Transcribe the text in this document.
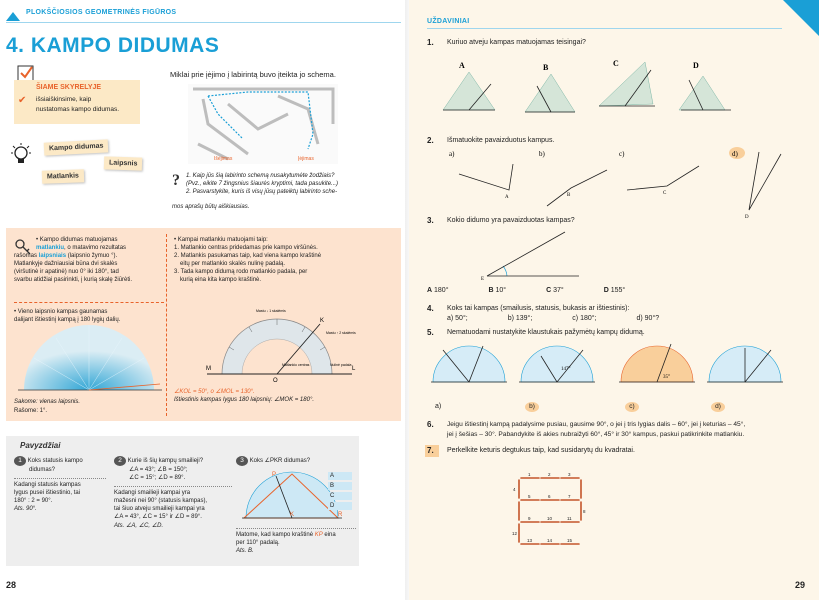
PLOKŠČIOSIOS GEOMETRINĖS FIGŪROS
4. KAMPO DIDUMAS
ŠIAME SKYRELYJE
✔ išsiaiškinsime, kaip
nustatomas kampo didumas.
Kampo didumas
Laipsnis
Matlankis
Miklai prie įėjimo į labirintą buvo įteikta jo schema.
Išėjimas	Įėjimas
? 1. Kaip jūs šią labirinto schemą nusakytumėte žodžiais?
(Pvz., eikite 7 žingsnius šiaurės kryptimi, tada pasukite...)
2. Pasvarstykite, kuris iš visų jūsų pateiktų labirinto sche-
mos aprašų būtų aiškiausias.
• Kampo didumas matuojamas
matlankiu, o matavimo rezultatas
rašomas laipsniais (laipsnio žymuo °).
Matlankyje dažniausiai būna dvi skalės
(viršutinė ir apatinė) nuo 0° iki 180°, tad
svarbu atidžiai pasirinkti, į kurią skalę žiūrėti.
• Vieno laipsnio kampas gaunamas
dalijant ištiestinį kampą į 180 lygių dalių.
Sakome: vienas laipsnis.
Rašome: 1°.
• Kampai matlankiu matuojami taip:
1. Matlankio centras pridedamas prie kampo viršūnės.
2. Matlankis pasukamas taip, kad viena kampo kraštinė
eitų per matlankio skalės nulinę padalą.
3. Tada kampo didumą rodo matlankio padala, per
kurią eina kita kampo kraštinė.
M
O
L
K
Mastu ↓ 1 skalėmis
Mastu ↑ 2 skalėmis
Matlankio centras	Nulinė padala
∠KOL = 50°, o ∠MOL = 130°.
Ištiestinis kampas lygus 180 laipsnių: ∠MOK = 180°.
Pavyzdžiai
1 Koks statusis kampo
didumas?
Kadangi statusis kampas
lygus pusei ištiestinio, tai
180° : 2 = 90°.
Ats. 90°.
2 Kurie iš šių kampų smailieji?
∠A = 43°; ∠B = 150°;
∠C = 15°; ∠D = 89°.
Kadangi smailieji kampai yra
mažesni nei 90° (statusis kampas),
tai šiuo atveju smailieji kampai yra
∠A = 43°, ∠C = 15° ir ∠D = 89°.
Ats. ∠A, ∠C, ∠D.
3 Koks ∠PKR didumas?
P
R
K
A
B
C
D
Matome, kad kampo kraštinė KP eina
per 110° padalą.
Ats. B.
28
UŽDAVINIAI
1. Kuriuo atveju kampas matuojamas teisingai?
A	B	C	D
2. Išmatuokite pavaizduotus kampus.
a)	b)	c)	d)
A	B	C
D
3. Kokio didumo yra pavaizduotas kampas?
E
A 180°	B 10°	C 37°	D 155°
4. Koks tai kampas (smailusis, statusis, bukasis ar ištiestinis):
a) 50°;	b) 139°;	c) 180°;	d) 90°?
5. Nematuodami nustatykite klaustukais pažymėtų kampų didumą.
147°
35°
a)	b)	c)	d)
6. Jeigu ištiestinį kampą padalysime pusiau, gausime 90°, o jei į tris lygias dalis – 60°, jei į keturias – 45°,
jei į šešias – 30°. Pabandykite iš akies nubraižyti 60°, 45° ir 30° kampus, paskui patikrinkite matlankiu.
7. Perkelkite keturis degtukus taip, kad susidarytų du kvadratai.
1	2	3
4
5	6	7
8
9	10	11
12
13	14	15
29
